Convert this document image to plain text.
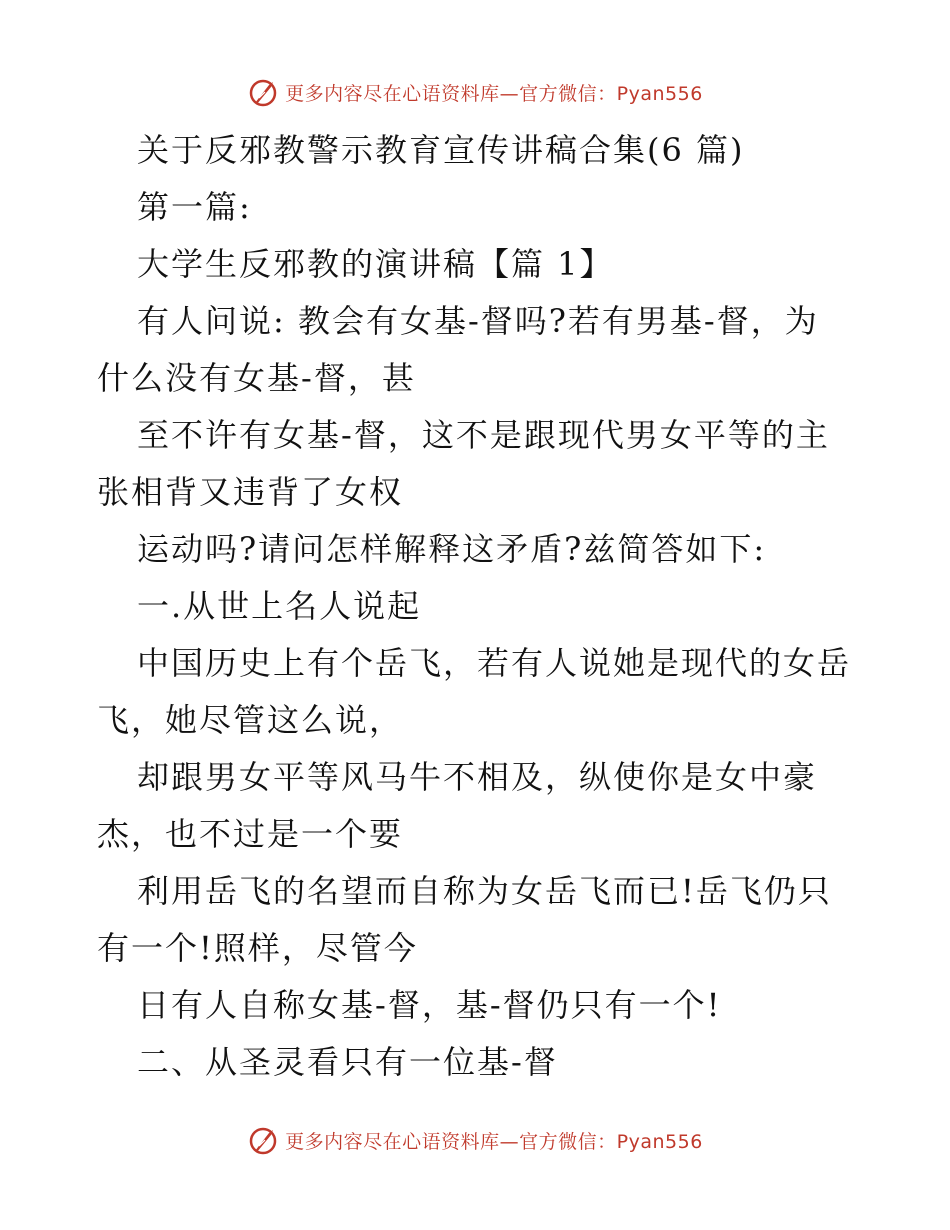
更多内容尽在心语资料库—官方微信：Pyan556
关于反邪教警示教育宣传讲稿合集(6 篇)
第一篇:
大学生反邪教的演讲稿【篇 1】
有人问说: 教会有女基-督吗?若有男基-督，为
什么没有女基-督，甚
至不许有女基-督，这不是跟现代男女平等的主
张相背又违背了女权
运动吗?请问怎样解释这矛盾?兹简答如下:
一.从世上名人说起
中国历史上有个岳飞，若有人说她是现代的女岳
飞，她尽管这么说，
却跟男女平等风马牛不相及，纵使你是女中豪
杰，也不过是一个要
利用岳飞的名望而自称为女岳飞而已!岳飞仍只
有一个!照样，尽管今
日有人自称女基-督，基-督仍只有一个!
二、从圣灵看只有一位基-督
更多内容尽在心语资料库—官方微信：Pyan556
